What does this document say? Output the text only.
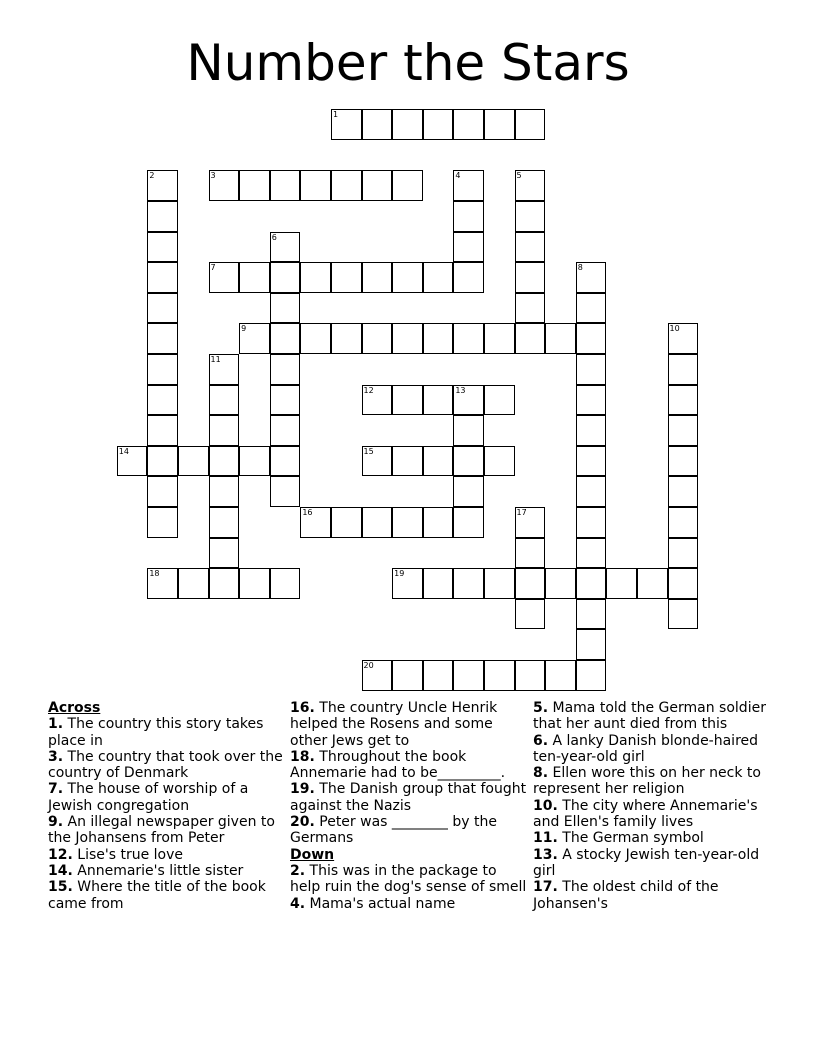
Number the Stars
1
2	3	4	5
6
7	8
9	10
11
12	13
14	15
16	17
18	19
20
Across
1. The country this story takes place in
3. The country that took over the country of Denmark
7. The house of worship of a Jewish congregation
9. An illegal newspaper given to the Johansens from Peter
12. Lise's true love
14. Annemarie's little sister
15. Where the title of the book came from
16. The country Uncle Henrik helped the Rosens and some other Jews get to
18. Throughout the book Annemarie had to be_________.
19. The Danish group that fought against the Nazis
20. Peter was ________ by the Germans
Down
2. This was in the package to help ruin the dog's sense of smell
4. Mama's actual name
5. Mama told the German soldier that her aunt died from this
6. A lanky Danish blonde-haired ten-year-old girl
8. Ellen wore this on her neck to represent her religion
10. The city where Annemarie's and Ellen's family lives
11. The German symbol
13. A stocky Jewish ten-year-old girl
17. The oldest child of the Johansen's
